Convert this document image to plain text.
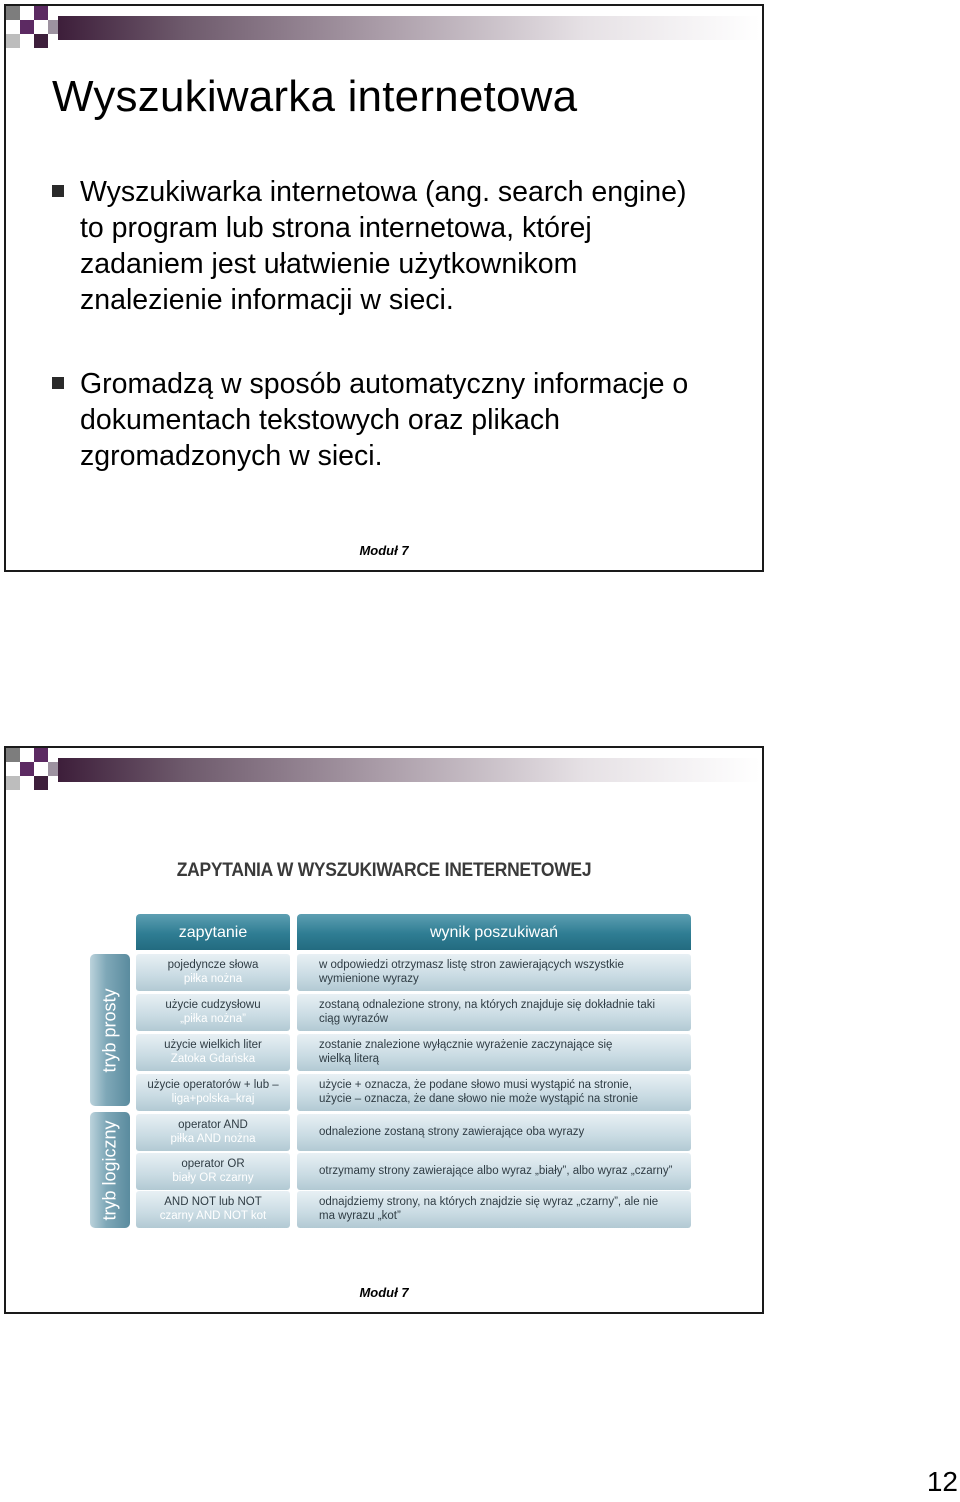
Wyszukiwarka internetowa
Wyszukiwarka internetowa (ang. search engine)
to program lub strona internetowa, której
zadaniem jest ułatwienie użytkownikom
znalezienie informacji w sieci.
Gromadzą w sposób automatyczny informacje o
dokumentach tekstowych oraz plikach
zgromadzonych w sieci.
Moduł 7
ZAPYTANIA W WYSZUKIWARCE INETERNETOWEJ
zapytanie	wynik poszukiwań
tryb prosty
tryb logiczny
pojedyncze słowa
piłka nożna
w odpowiedzi otrzymasz listę stron zawierających wszystkie
wymienione wyrazy
użycie cudzysłowu
„piłka nożna”
zostaną odnalezione strony, na których znajduje się dokładnie taki
ciąg wyrazów
użycie wielkich liter
Zatoka Gdańska
zostanie znalezione wyłącznie wyrażenie zaczynające się
wielką literą
użycie operatorów + lub –
liga+polska–kraj
użycie + oznacza, że podane słowo musi wystąpić na stronie,
użycie – oznacza, że dane słowo nie może wystąpić na stronie
operator AND
piłka AND nożna
odnalezione zostaną strony zawierające oba wyrazy
operator OR
biały OR czarny
otrzymamy strony zawierające albo wyraz „biały”, albo wyraz „czarny”
AND NOT lub NOT
czarny AND NOT kot
odnajdziemy strony, na których znajdzie się wyraz „czarny”, ale nie
ma wyrazu „kot”
Moduł 7
12
